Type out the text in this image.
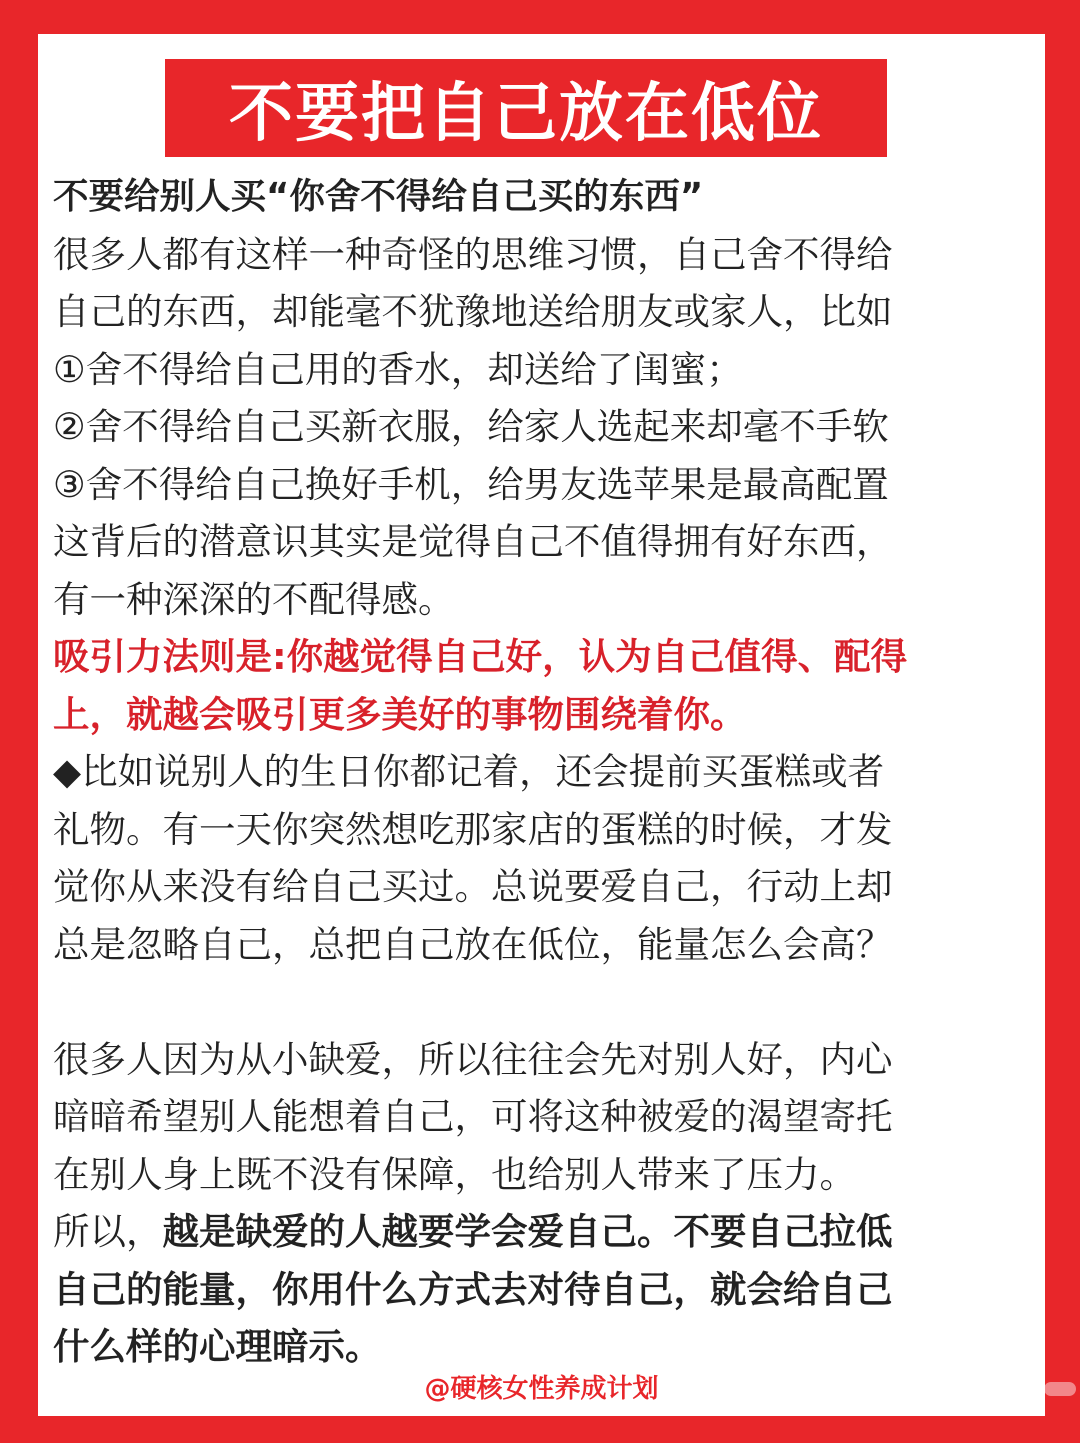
不要把自己放在低位
不要给别人买“你舍不得给自己买的东西”
很多人都有这样一种奇怪的思维习惯，自己舍不得给
自己的东西，却能毫不犹豫地送给朋友或家人，比如
①舍不得给自己用的香水，却送给了闺蜜；
②舍不得给自己买新衣服，给家人选起来却毫不手软
③舍不得给自己换好手机，给男友选苹果是最高配置
这背后的潜意识其实是觉得自己不值得拥有好东西，
有一种深深的不配得感。
吸引力法则是:你越觉得自己好，认为自己值得、配得
上，就越会吸引更多美好的事物围绕着你。
◆比如说别人的生日你都记着，还会提前买蛋糕或者
礼物。有一天你突然想吃那家店的蛋糕的时候，才发
觉你从来没有给自己买过。总说要爱自己，行动上却
总是忽略自己，总把自己放在低位，能量怎么会高？
很多人因为从小缺爱，所以往往会先对别人好，内心
暗暗希望别人能想着自己，可将这种被爱的渴望寄托
在别人身上既不没有保障，也给别人带来了压力。
所以，越是缺爱的人越要学会爱自己。不要自己拉低
自己的能量，你用什么方式去对待自己，就会给自己
什么样的心理暗示。
@硬核女性养成计划
